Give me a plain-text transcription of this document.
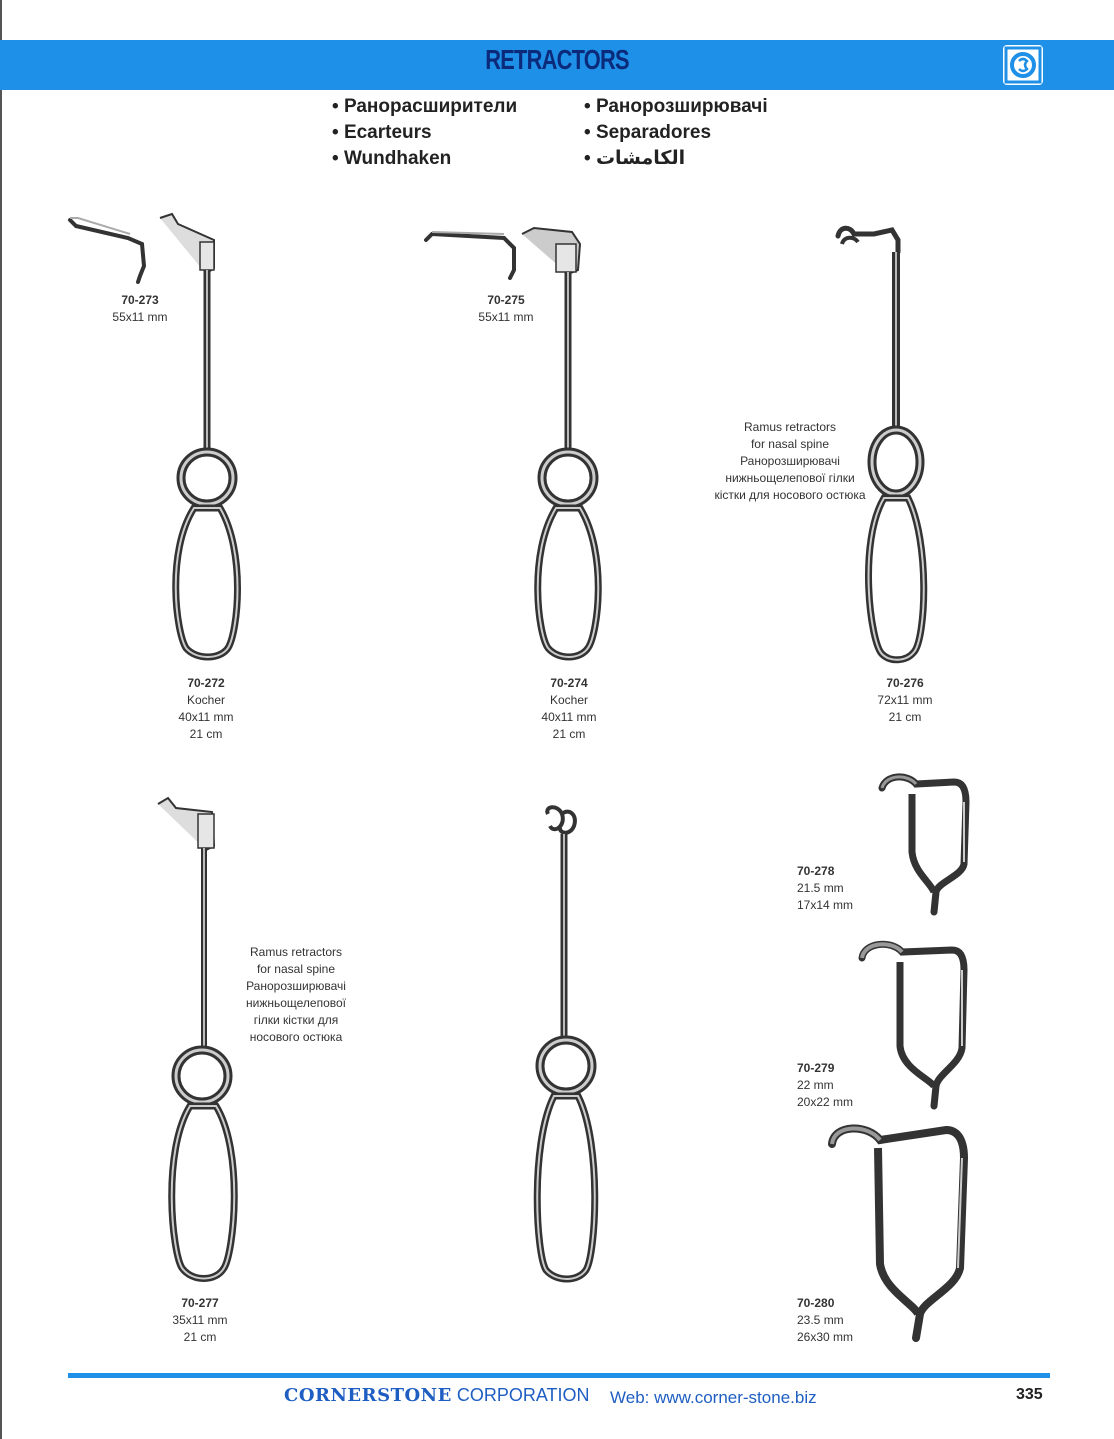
RETRACTORS
• Ранорасширители
• Ecarteurs
• Wundhaken
• Ранорозширювачі
• Separadores
• الكامشات
70-273
55x11 mm
70-275
55x11 mm
70-272
Kocher
40x11 mm
21 cm
70-274
Kocher
40x11 mm
21 cm
70-276
72x11 mm
21 cm
70-278
21.5 mm
17x14 mm
70-279
22 mm
20x22 mm
70-277
35x11 mm
21 cm
70-280
23.5 mm
26x30 mm
Ramus retractors
for nasal spine
Ранорозширювачі
нижньощелепової гілки
кістки для носового остюка
Ramus retractors
for nasal spine
Ранорозширювачі
нижньощелепової
гілки кістки для
носового остюка
CORNERSTONE CORPORATION Web: www.corner-stone.biz	335
